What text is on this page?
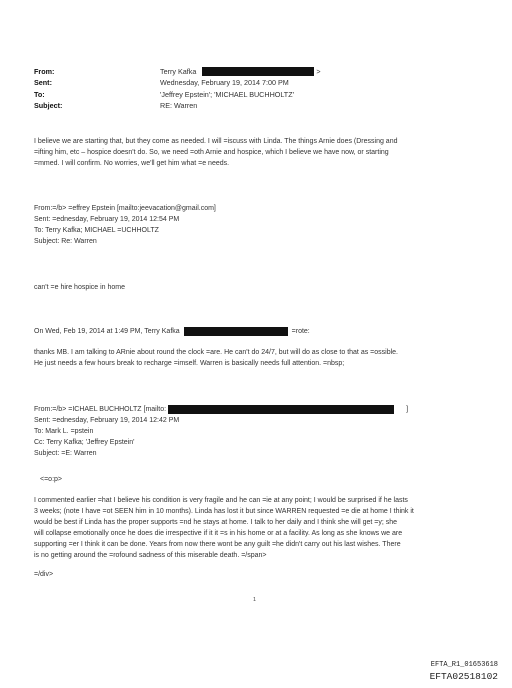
From:	Terry Kafka	>
Sent:	Wednesday, February 19, 2014 7:00 PM
To:	'Jeffrey Epstein'; 'MICHAEL BUCHHOLTZ'
Subject:	RE: Warren
I believe we are starting that, but they come as needed. I will =iscuss with Linda. The things Arnie does (Dressing and
=ifting him, etc – hospice doesn't do. So, we need =oth Arnie and hospice, which I believe we have now, or starting
=mmed. I will confirm. No worries, we'll get him what =e needs.
From:=/b> =effrey Epstein [mailto:jeevacation@gmail.com]
Sent: =ednesday, February 19, 2014 12:54 PM
To: Terry Kafka; MICHAEL =UCHHOLTZ
Subject: Re: Warren
can't =e hire hospice in home
On Wed, Feb 19, 2014 at 1:49 PM, Terry Kafka	=rote:
thanks MB. I am talking to ARnie about round the clock =are. He can't do 24/7, but will do as close to that as =ossible.
He just needs a few hours break to recharge =imself. Warren is basically needs full attention. =nbsp;
From:=/b> =ICHAEL BUCHHOLTZ [mailto:	]
Sent: =ednesday, February 19, 2014 12:42 PM
To: Mark L. =pstein
Cc: Terry Kafka; 'Jeffrey Epstein'
Subject: =E: Warren
<=o:p>
I commented earlier =hat I believe his condition is very fragile and he can =ie at any point; I would be surprised if he lasts
3 weeks; (note I have =ot SEEN him in 10 months). Linda has lost it but since WARREN requested =e die at home I think it
would be best if Linda has the proper supports =nd he stays at home. I talk to her daily and I think she will get =y; she
will collapse emotionally once he does die irrespective if it it =s in his home or at a facility. As long as she knows we are
supporting =er I think it can be done. Years from now there wont be any guilt =he didn't carry out his last wishes. There
is no getting around the =rofound sadness of this miserable death. =/span>
=/div>
1
EFTA_R1_01653618
EFTA02518102
